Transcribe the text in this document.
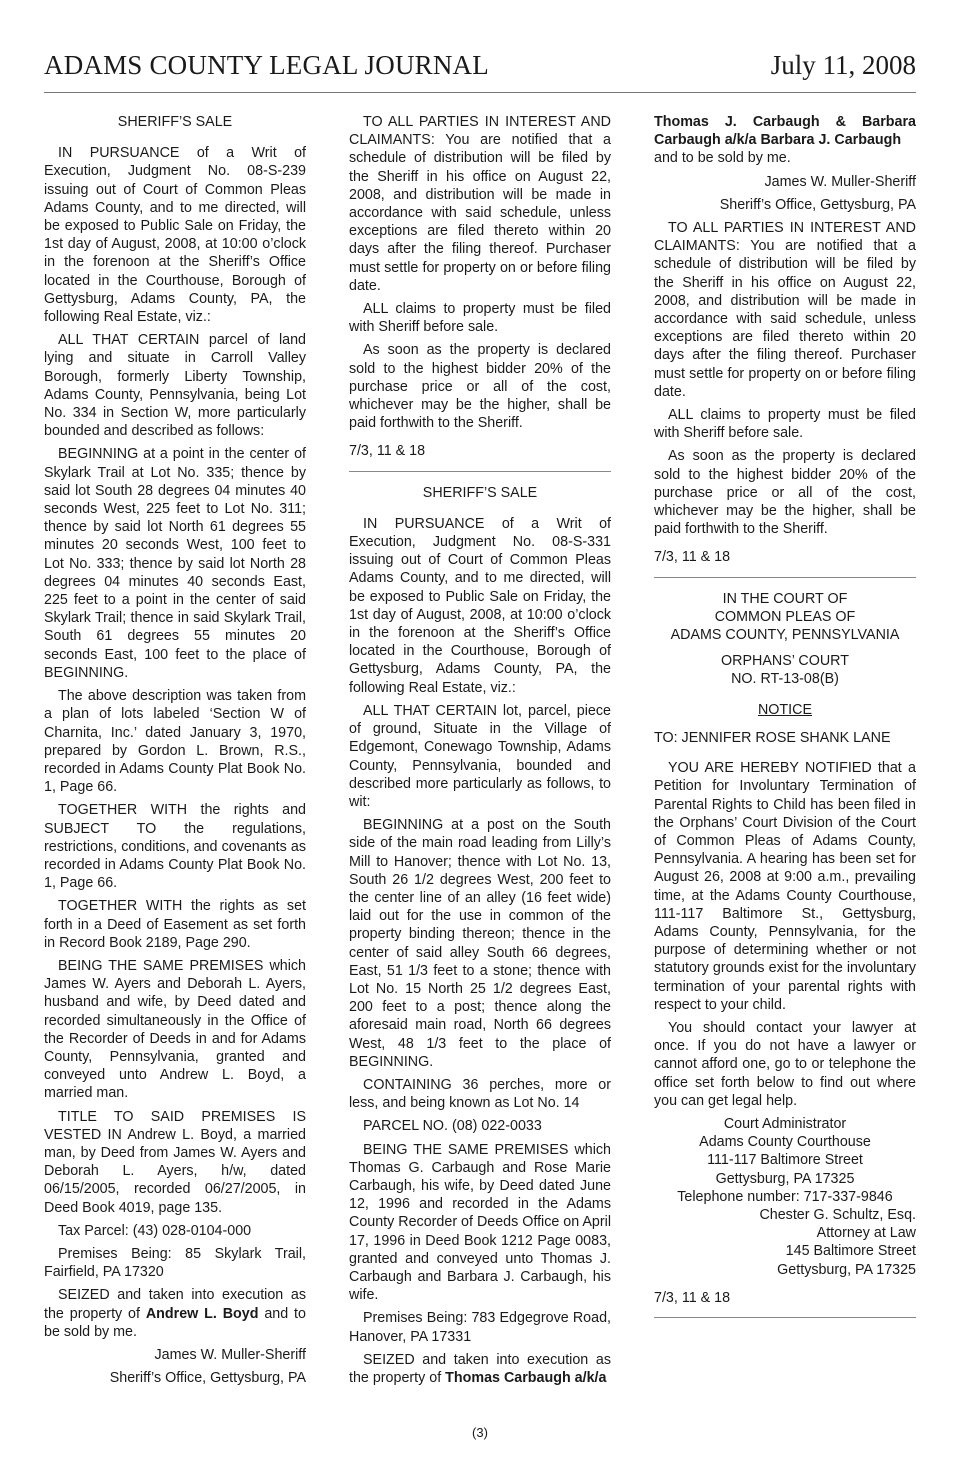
ADAMS COUNTY LEGAL JOURNAL	July 11, 2008

SHERIFF’S SALE

IN PURSUANCE of a Writ of Execution, Judgment No. 08-S-239 issuing out of Court of Common Pleas Adams County, and to me directed, will be exposed to Public Sale on Friday, the 1st day of August, 2008, at 10:00 o’clock in the forenoon at the Sheriff’s Office located in the Courthouse, Borough of Gettysburg, Adams County, PA, the following Real Estate, viz.:

ALL THAT CERTAIN parcel of land lying and situate in Carroll Valley Borough, formerly Liberty Township, Adams County, Pennsylvania, being Lot No. 334 in Section W, more particularly bounded and described as follows:

BEGINNING at a point in the center of Skylark Trail at Lot No. 335; thence by said lot South 28 degrees 04 minutes 40 seconds West, 225 feet to Lot No. 311; thence by said lot North 61 degrees 55 minutes 20 seconds West, 100 feet to Lot No. 333; thence by said lot North 28 degrees 04 minutes 40 seconds East, 225 feet to a point in the center of said Skylark Trail; thence in said Skylark Trail, South 61 degrees 55 minutes 20 seconds East, 100 feet to the place of BEGINNING.

The above description was taken from a plan of lots labeled ‘Section W of Charnita, Inc.’ dated January 3, 1970, prepared by Gordon L. Brown, R.S., recorded in Adams County Plat Book No. 1, Page 66.

TOGETHER WITH the rights and SUBJECT TO the regulations, restrictions, conditions, and covenants as recorded in Adams County Plat Book No. 1, Page 66.

TOGETHER WITH the rights as set forth in a Deed of Easement as set forth in Record Book 2189, Page 290.

BEING THE SAME PREMISES which James W. Ayers and Deborah L. Ayers, husband and wife, by Deed dated and recorded simultaneously in the Office of the Recorder of Deeds in and for Adams County, Pennsylvania, granted and conveyed unto Andrew L. Boyd, a married man.

TITLE TO SAID PREMISES IS VESTED IN Andrew L. Boyd, a married man, by Deed from James W. Ayers and Deborah L. Ayers, h/w, dated 06/15/2005, recorded 06/27/2005, in Deed Book 4019, page 135.

Tax Parcel: (43) 028-0104-000

Premises Being: 85 Skylark Trail, Fairfield, PA 17320

SEIZED and taken into execution as the property of Andrew L. Boyd and to be sold by me.

James W. Muller-Sheriff

Sheriff’s Office, Gettysburg, PA

TO ALL PARTIES IN INTEREST AND CLAIMANTS: You are notified that a schedule of distribution will be filed by the Sheriff in his office on August 22, 2008, and distribution will be made in accordance with said schedule, unless exceptions are filed thereto within 20 days after the filing thereof. Purchaser must settle for property on or before filing date.

ALL claims to property must be filed with Sheriff before sale.

As soon as the property is declared sold to the highest bidder 20% of the purchase price or all of the cost, whichever may be the higher, shall be paid forthwith to the Sheriff.

7/3, 11 & 18

SHERIFF’S SALE

IN PURSUANCE of a Writ of Execution, Judgment No. 08-S-331 issuing out of Court of Common Pleas Adams County, and to me directed, will be exposed to Public Sale on Friday, the 1st day of August, 2008, at 10:00 o’clock in the forenoon at the Sheriff’s Office located in the Courthouse, Borough of Gettysburg, Adams County, PA, the following Real Estate, viz.:

ALL THAT CERTAIN lot, parcel, piece of ground, Situate in the Village of Edgemont, Conewago Township, Adams County, Pennsylvania, bounded and described more particularly as follows, to wit:

BEGINNING at a post on the South side of the main road leading from Lilly’s Mill to Hanover; thence with Lot No. 13, South 26 1/2 degrees West, 200 feet to the center line of an alley (16 feet wide) laid out for the use in common of the property binding thereon; thence in the center of said alley South 66 degrees, East, 51 1/3 feet to a stone; thence with Lot No. 15 North 25 1/2 degrees East, 200 feet to a post; thence along the aforesaid main road, North 66 degrees West, 48 1/3 feet to the place of BEGINNING.

CONTAINING 36 perches, more or less, and being known as Lot No. 14

PARCEL NO. (08) 022-0033

BEING THE SAME PREMISES which Thomas G. Carbaugh and Rose Marie Carbaugh, his wife, by Deed dated June 12, 1996 and recorded in the Adams County Recorder of Deeds Office on April 17, 1996 in Deed Book 1212 Page 0083, granted and conveyed unto Thomas J. Carbaugh and Barbara J. Carbaugh, his wife.

Premises Being: 783 Edgegrove Road, Hanover, PA 17331

SEIZED and taken into execution as the property of Thomas Carbaugh a/k/a

Thomas J. Carbaugh & Barbara Carbaugh a/k/a Barbara J. Carbaugh
and to be sold by me.

James W. Muller-Sheriff

Sheriff’s Office, Gettysburg, PA

TO ALL PARTIES IN INTEREST AND CLAIMANTS: You are notified that a schedule of distribution will be filed by the Sheriff in his office on August 22, 2008, and distribution will be made in accordance with said schedule, unless exceptions are filed thereto within 20 days after the filing thereof. Purchaser must settle for property on or before filing date.

ALL claims to property must be filed with Sheriff before sale.

As soon as the property is declared sold to the highest bidder 20% of the purchase price or all of the cost, whichever may be the higher, shall be paid forthwith to the Sheriff.

7/3, 11 & 18

IN THE COURT OF

COMMON PLEAS OF

ADAMS COUNTY, PENNSYLVANIA

ORPHANS’ COURT

NO. RT-13-08(B)

NOTICE

TO: JENNIFER ROSE SHANK LANE

YOU ARE HEREBY NOTIFIED that a Petition for Involuntary Termination of Parental Rights to Child has been filed in the Orphans’ Court Division of the Court of Common Pleas of Adams County, Pennsylvania. A hearing has been set for August 26, 2008 at 9:00 a.m., prevailing time, at the Adams County Courthouse, 111-117 Baltimore St., Gettysburg, Adams County, Pennsylvania, for the purpose of determining whether or not statutory grounds exist for the involuntary termination of your parental rights with respect to your child.

You should contact your lawyer at once. If you do not have a lawyer or cannot afford one, go to or telephone the office set forth below to find out where you can get legal help.

Court Administrator

Adams County Courthouse

111-117 Baltimore Street

Gettysburg, PA 17325

Telephone number: 717-337-9846

Chester G. Schultz, Esq.

Attorney at Law

145 Baltimore Street

Gettysburg, PA 17325

7/3, 11 & 18

(3)
